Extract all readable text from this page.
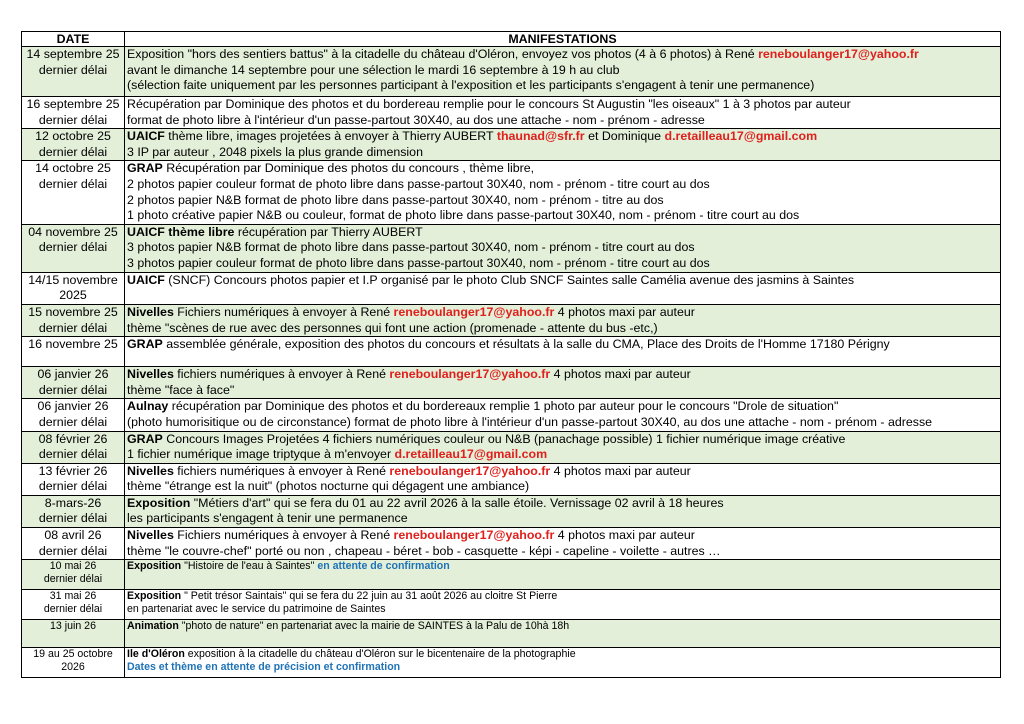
DATE	MANIFESTATIONS

14 septembre 25
dernier délai	Exposition "hors des sentiers battus" à la citadelle du château d'Oléron, envoyez vos photos (4 à 6 photos) à René reneboulanger17@yahoo.fr
avant le dimanche 14 septembre pour une sélection le mardi 16 septembre à 19 h au club
(sélection faite uniquement par les personnes participant à l'exposition et les participants s'engagent à tenir une permanence)

16 septembre 25
dernier délai	Récupération par Dominique des photos et du bordereau remplie pour le concours St Augustin "les oiseaux" 1 à 3 photos par auteur
format de photo libre à l'intérieur d'un passe-partout 30X40, au dos une attache - nom - prénom - adresse

12 octobre 25
dernier délai	UAICF thème libre, images projetées à envoyer à Thierry AUBERT thaunad@sfr.fr et Dominique d.retailleau17@gmail.com
3 IP par auteur , 2048 pixels la plus grande dimension

14 octobre 25
dernier délai	GRAP Récupération par Dominique des photos du concours , thème libre,
2 photos papier couleur format de photo libre dans passe-partout 30X40, nom - prénom - titre court au dos
2 photos papier N&B format de photo libre dans passe-partout 30X40, nom - prénom - titre au dos
1 photo créative papier N&B ou couleur, format de photo libre dans passe-partout 30X40, nom - prénom - titre court au dos

04 novembre 25
dernier délai	UAICF thème libre récupération par Thierry AUBERT
3 photos papier N&B format de photo libre dans passe-partout 30X40, nom - prénom - titre court au dos
3 photos papier couleur format de photo libre dans passe-partout 30X40, nom - prénom - titre court au dos

14/15 novembre
2025	UAICF (SNCF) Concours photos papier et I.P organisé par le photo Club SNCF Saintes salle Camélia avenue des jasmins à Saintes

15 novembre 25
dernier délai	Nivelles Fichiers numériques à envoyer à René reneboulanger17@yahoo.fr 4 photos maxi par auteur
thème "scènes de rue avec des personnes qui font une action (promenade - attente du bus -etc,)

16 novembre 25	GRAP assemblée générale, exposition des photos du concours et résultats à la salle du CMA, Place des Droits de l'Homme 17180 Périgny

06 janvier 26
dernier délai	Nivelles fichiers numériques à envoyer à René reneboulanger17@yahoo.fr 4 photos maxi par auteur
thème "face à face"

06 janvier 26
dernier délai	Aulnay récupération par Dominique des photos et du bordereaux remplie 1 photo par auteur pour le concours "Drole de situation"
(photo humorisitique ou de circonstance) format de photo libre à l'intérieur d'un passe-partout 30X40, au dos une attache - nom - prénom - adresse

08 février 26
dernier délai	GRAP Concours Images Projetées 4 fichiers numériques couleur ou N&B (panachage possible) 1 fichier numérique image créative
1 fichier numérique image triptyque à m'envoyer d.retailleau17@gmail.com

13 février 26
dernier délai	Nivelles fichiers numériques à envoyer à René reneboulanger17@yahoo.fr 4 photos maxi par auteur
thème "étrange est la nuit" (photos nocturne qui dégagent une ambiance)

8-mars-26
dernier délai	Exposition "Métiers d'art" qui se fera du 01 au 22 avril 2026 à la salle étoile. Vernissage 02 avril à 18 heures
les participants s'engagent à tenir une permanence

08 avril 26
dernier délai	Nivelles Fichiers numériques à envoyer à René reneboulanger17@yahoo.fr 4 photos maxi par auteur
thème "le couvre-chef" porté ou non , chapeau - béret - bob - casquette - képi - capeline - voilette - autres …

10 mai 26
dernier délai	Exposition "Histoire de l'eau à Saintes" en attente de confirmation

31 mai 26
dernier délai	Exposition " Petit trésor Saintais" qui se fera du 22 juin au 31 août 2026 au cloitre St Pierre
en partenariat avec le service du patrimoine de Saintes

13 juin 26	Animation "photo de nature" en partenariat avec la mairie de SAINTES à la Palu de 10hà 18h

19 au 25 octobre
2026	Ile d'Oléron exposition à la citadelle du château d'Oléron sur le bicentenaire de la photographie
Dates et thème en attente de précision et confirmation
